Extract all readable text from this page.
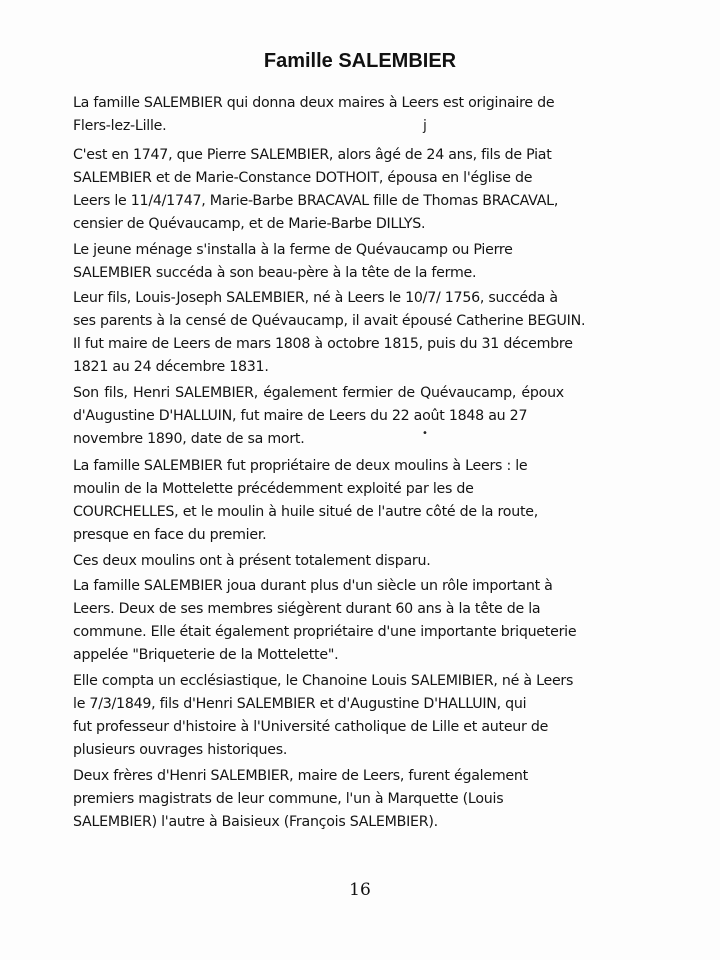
Famille SALEMBIER
La famille SALEMBIER qui donna deux maires à Leers est originaire de
Flers-lez-Lille.	j
C'est en 1747, que Pierre SALEMBIER, alors âgé de 24 ans, fils de Piat
SALEMBIER et de Marie-Constance DOTHOIT, épousa en l'église de
Leers le 11/4/1747, Marie-Barbe BRACAVAL fille de Thomas BRACAVAL,
censier de Quévaucamp, et de Marie-Barbe DILLYS.
Le jeune ménage s'installa à la ferme de Quévaucamp ou Pierre
SALEMBIER succéda à son beau-père à la tête de la ferme.
Leur fils, Louis-Joseph SALEMBIER, né à Leers le 10/7/ 1756, succéda à
ses parents à la censé de Quévaucamp, il avait épousé Catherine BEGUIN.
Il fut maire de Leers de mars 1808 à octobre 1815, puis du 31 décembre
1821 au 24 décembre 1831.
Son fils, Henri SALEMBIER, également fermier de Quévaucamp, époux
d'Augustine D'HALLUIN, fut maire de Leers du 22 août 1848 au 27
novembre 1890, date de sa mort.	•
La famille SALEMBIER fut propriétaire de deux moulins à Leers : le
moulin de la Mottelette précédemment exploité par les de
COURCHELLES, et le moulin à huile situé de l'autre côté de la route,
presque en face du premier.
Ces deux moulins ont à présent totalement disparu.
La famille SALEMBIER joua durant plus d'un siècle un rôle important à
Leers. Deux de ses membres siégèrent durant 60 ans à la tête de la
commune. Elle était également propriétaire d'une importante briqueterie
appelée "Briqueterie de la Mottelette".
Elle compta un ecclésiastique, le Chanoine Louis SALEMIBIER, né à Leers
le 7/3/1849, fils d'Henri SALEMBIER et d'Augustine D'HALLUIN, qui
fut professeur d'histoire à l'Université catholique de Lille et auteur de
plusieurs ouvrages historiques.
Deux frères d'Henri SALEMBIER, maire de Leers, furent également
premiers magistrats de leur commune, l'un à Marquette (Louis
SALEMBIER) l'autre à Baisieux (François SALEMBIER).
16
